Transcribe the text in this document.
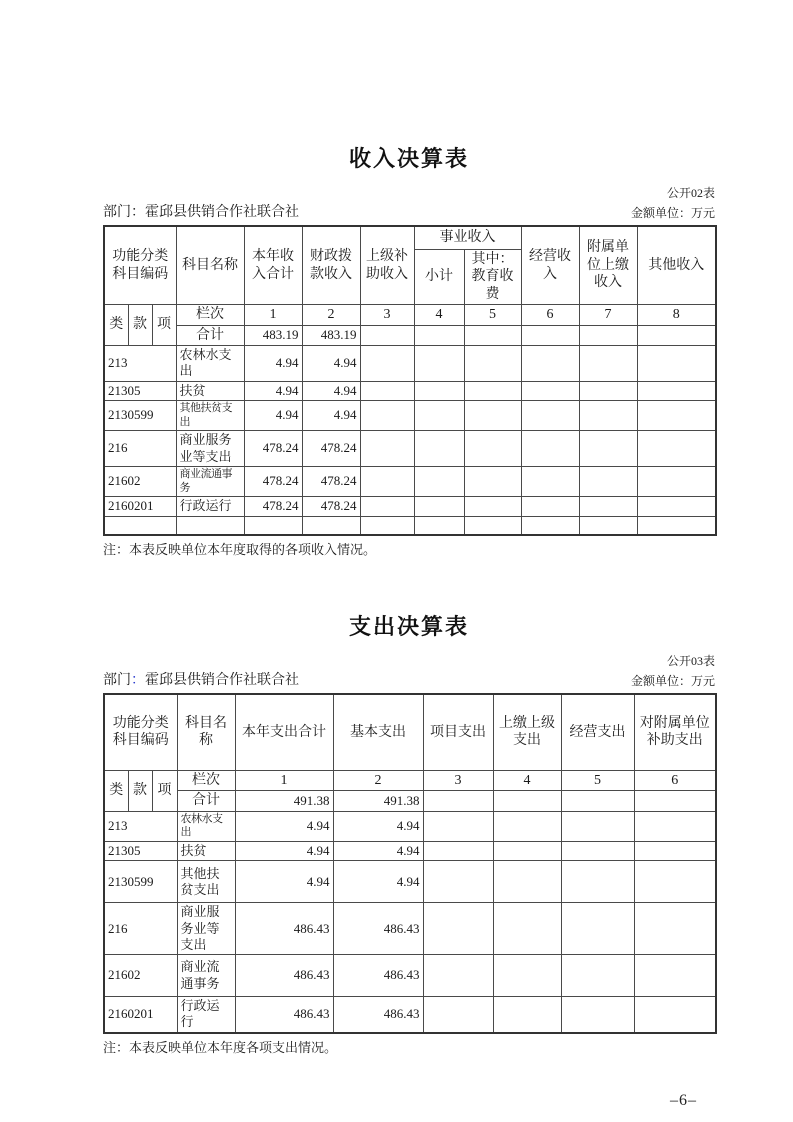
收入决算表
公开02表
部门：霍邱县供销合作社联合社	金额单位：万元
功能分类科目编码			科目名称	本年收入合计	财政拨款收入	上级补助收入	事业收入		经营收入	附属单位上缴收入	其他收入
							小计	其中：教育收费			
类	款	项	栏次	1	2	3	4	5	6	7	8
			合计	483.19	483.19						
213			农林水支出	4.94	4.94						
21305			扶贫	4.94	4.94						
2130599			其他扶贫支出	4.94	4.94						
216			商业服务业等支出	478.24	478.24						
21602			商业流通事务	478.24	478.24						
2160201			行政运行	478.24	478.24						

注：本表反映单位本年度取得的各项收入情况。
支出决算表
公开03表
部门：霍邱县供销合作社联合社	金额单位：万元
功能分类科目编码			科目名称	本年支出合计	基本支出	项目支出	上缴上级支出	经营支出	对附属单位补助支出
类	款	项	栏次	1	2	3	4	5	6
			合计	491.38	491.38				
213			农林水支出	4.94	4.94				
21305			扶贫	4.94	4.94				
2130599			其他扶贫支出	4.94	4.94				
216			商业服务业等支出	486.43	486.43				
21602			商业流通事务	486.43	486.43				
2160201			行政运行	486.43	486.43				
注：本表反映单位本年度各项支出情况。
–6–
